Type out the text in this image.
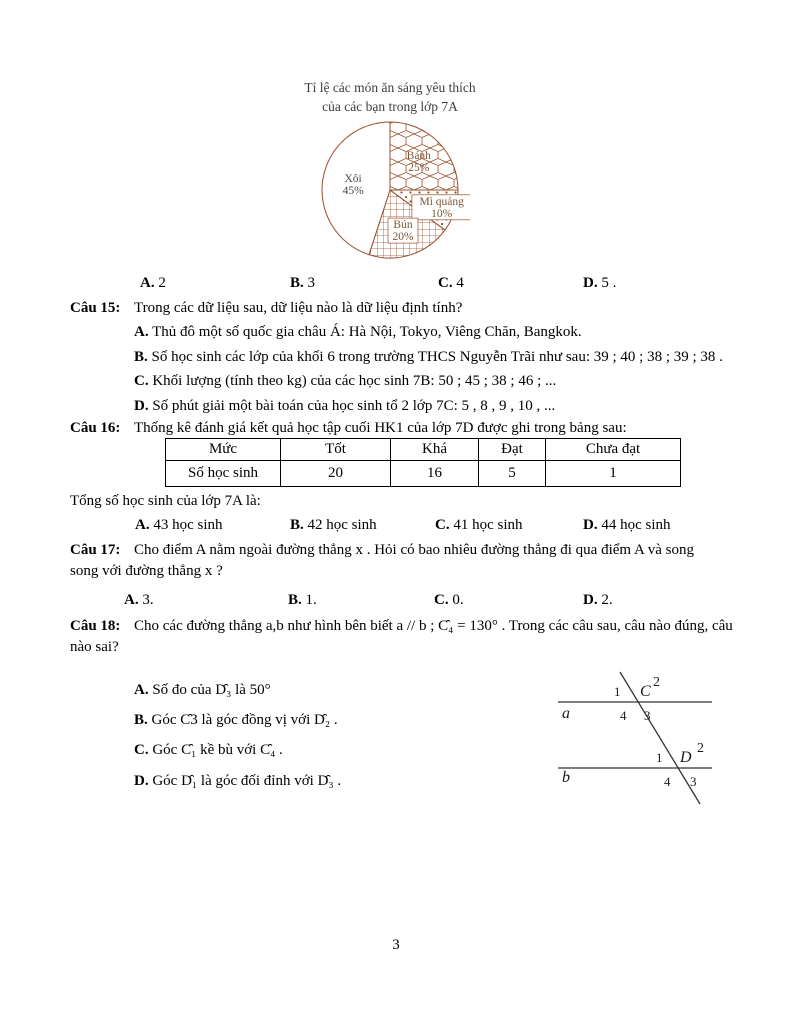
Tỉ lệ các món ăn sáng yêu thích
của các bạn trong lớp 7A
Bánh
25%
Mì quảng
10%
Bún
20%
Xôi
45%
A. 2	B. 3	C. 4	D. 5 .
Câu 15: Trong các dữ liệu sau, dữ liệu nào là dữ liệu định tính?
A. Thủ đô một số quốc gia châu Á: Hà Nội, Tokyo, Viêng Chăn, Bangkok.
B. Số học sinh các lớp của khối 6 trong trường THCS Nguyễn Trãi như sau: 39 ; 40 ; 38 ; 39 ; 38 .
C. Khối lượng (tính theo kg) của các học sinh 7B: 50 ; 45 ; 38 ; 46 ; ...
D. Số phút giải một bài toán của học sinh tổ 2 lớp 7C: 5 , 8 , 9 , 10 , ...
Câu 16: Thống kê đánh giá kết quả học tập cuối HK1 của lớp 7D được ghi trong bảng sau:
Mức	Tốt	Khá	Đạt	Chưa đạt
Số học sinh	20	16	5	1
Tổng số học sinh của lớp 7A là:
A. 43 học sinh	B. 42 học sinh	C. 41 học sinh	D. 44 học sinh
Câu 17: Cho điểm A nằm ngoài đường thẳng x . Hỏi có bao nhiêu đường thẳng đi qua điểm A và song
song với đường thẳng x ?
A. 3.	B. 1.	C. 0.	D. 2.
Câu 18: Cho các đường thẳng a,b như hình bên biết a // b ; C̑₄ = 130° . Trong các câu sau, câu nào đúng, câu
nào sai?
A. Số đo của D̑₃ là 50°
B. Góc C̑3 là góc đồng vị với D̑₂ .
C. Góc C̑₁ kề bù với C̑₄ .
D. Góc D̑₁ là góc đối đỉnh với D̑₃ .
a
b
1 C
2
4 3
1 D
2
4 3
3
